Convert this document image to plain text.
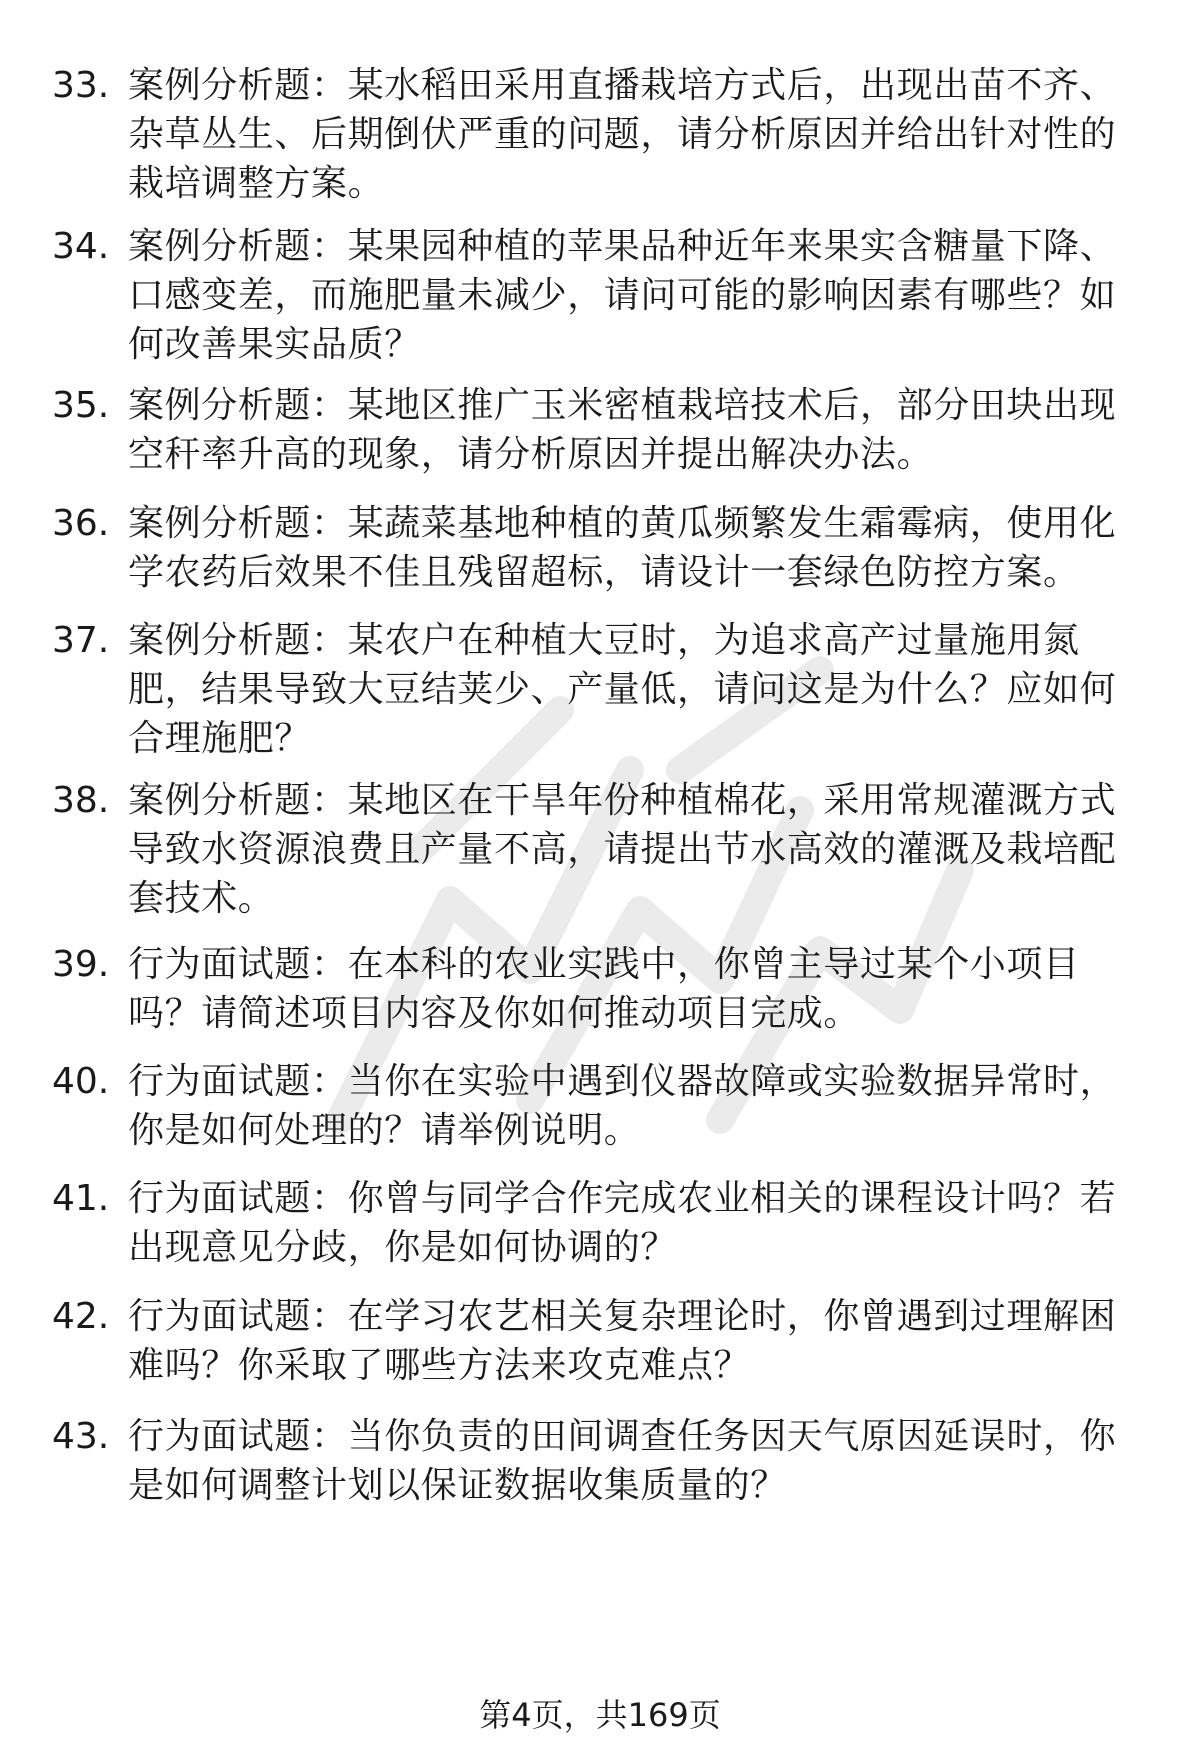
33. 案例分析题：某水稻田采用直播栽培方式后，出现出苗不齐、杂草丛生、后期倒伏严重的问题，请分析原因并给出针对性的栽培调整方案。
34. 案例分析题：某果园种植的苹果品种近年来果实含糖量下降、口感变差，而施肥量未减少，请问可能的影响因素有哪些？如何改善果实品质？
35. 案例分析题：某地区推广玉米密植栽培技术后，部分田块出现空秆率升高的现象，请分析原因并提出解决办法。
36. 案例分析题：某蔬菜基地种植的黄瓜频繁发生霜霉病，使用化学农药后效果不佳且残留超标，请设计一套绿色防控方案。
37. 案例分析题：某农户在种植大豆时，为追求高产过量施用氮肥，结果导致大豆结荚少、产量低，请问这是为什么？应如何合理施肥？
38. 案例分析题：某地区在干旱年份种植棉花，采用常规灌溉方式导致水资源浪费且产量不高，请提出节水高效的灌溉及栽培配套技术。
39. 行为面试题：在本科的农业实践中，你曾主导过某个小项目吗？请简述项目内容及你如何推动项目完成。
40. 行为面试题：当你在实验中遇到仪器故障或实验数据异常时，你是如何处理的？请举例说明。
41. 行为面试题：你曾与同学合作完成农业相关的课程设计吗？若出现意见分歧，你是如何协调的？
42. 行为面试题：在学习农艺相关复杂理论时，你曾遇到过理解困难吗？你采取了哪些方法来攻克难点？
43. 行为面试题：当你负责的田间调查任务因天气原因延误时，你是如何调整计划以保证数据收集质量的？
第4页，共169页
